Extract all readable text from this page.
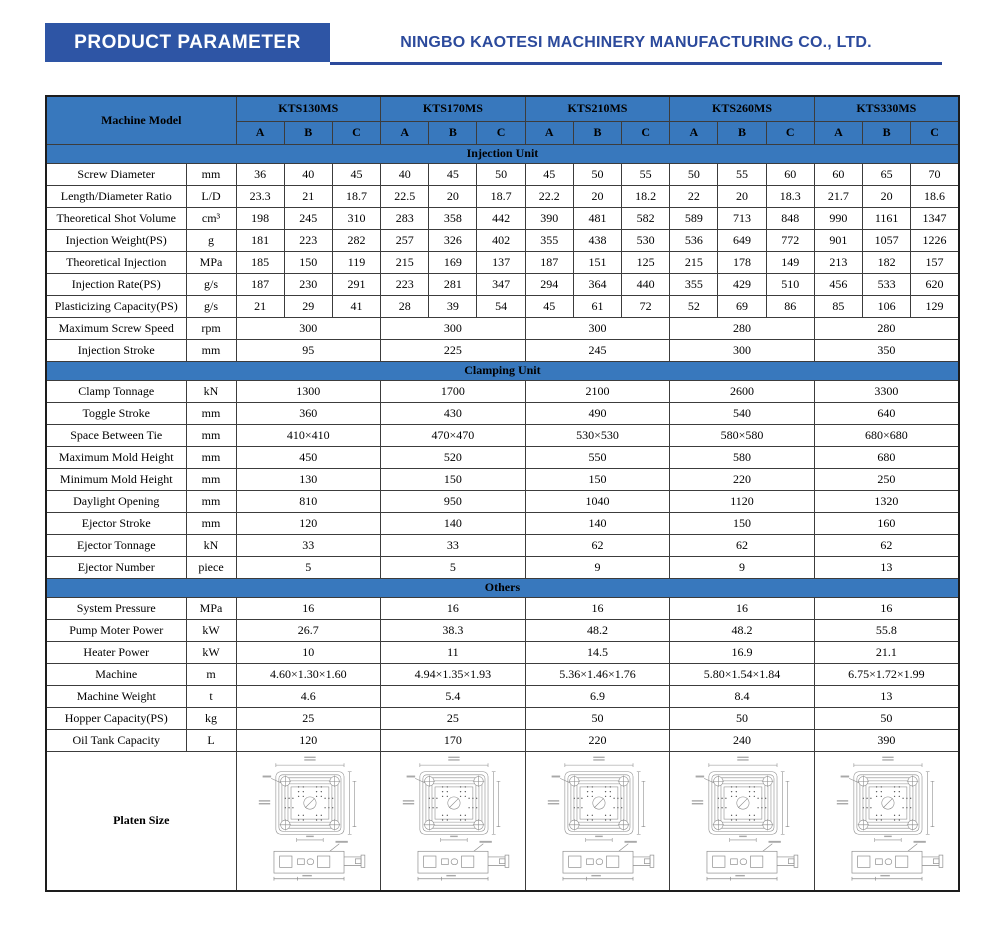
PRODUCT PARAMETER	NINGBO KAOTESI MACHINERY MANUFACTURING CO., LTD.
Machine Model		KTS130MS			KTS170MS			KTS210MS			KTS260MS			KTS330MS		
		A	B	C	A	B	C	A	B	C	A	B	C	A	B	C
Injection Unit																
Screw Diameter	mm	36	40	45	40	45	50	45	50	55	50	55	60	60	65	70
Length/Diameter Ratio	L/D	23.3	21	18.7	22.5	20	18.7	22.2	20	18.2	22	20	18.3	21.7	20	18.6
Theoretical Shot Volume	cm³	198	245	310	283	358	442	390	481	582	589	713	848	990	1161	1347
Injection Weight(PS)	g	181	223	282	257	326	402	355	438	530	536	649	772	901	1057	1226
Theoretical Injection	MPa	185	150	119	215	169	137	187	151	125	215	178	149	213	182	157
Injection Rate(PS)	g/s	187	230	291	223	281	347	294	364	440	355	429	510	456	533	620
Plasticizing Capacity(PS)	g/s	21	29	41	28	39	54	45	61	72	52	69	86	85	106	129
Maximum Screw Speed	rpm	300			300			300			280			280		
Injection Stroke	mm	95			225			245			300			350		
Clamping Unit																
Clamp Tonnage	kN	1300			1700			2100			2600			3300		
Toggle Stroke	mm	360			430			490			540			640		
Space Between Tie	mm	410×410			470×470			530×530			580×580			680×680		
Maximum Mold Height	mm	450			520			550			580			680		
Minimum Mold Height	mm	130			150			150			220			250		
Daylight Opening	mm	810			950			1040			1120			1320		
Ejector Stroke	mm	120			140			140			150			160		
Ejector Tonnage	kN	33			33			62			62			62		
Ejector Number	piece	5			5			9			9			13		
Others																
System Pressure	MPa	16			16			16			16			16		
Pump Moter Power	kW	26.7			38.3			48.2			48.2			55.8		
Heater Power	kW	10			11			14.5			16.9			21.1		
Machine	m	4.60×1.30×1.60			4.94×1.35×1.93			5.36×1.46×1.76			5.80×1.54×1.84			6.75×1.72×1.99		
Machine Weight	t	4.6			5.4			6.9			8.4			13		
Hopper Capacity(PS)	kg	25			25			50			50			50		
Oil Tank Capacity	L	120			170			220			240			390		
Platen Size	
